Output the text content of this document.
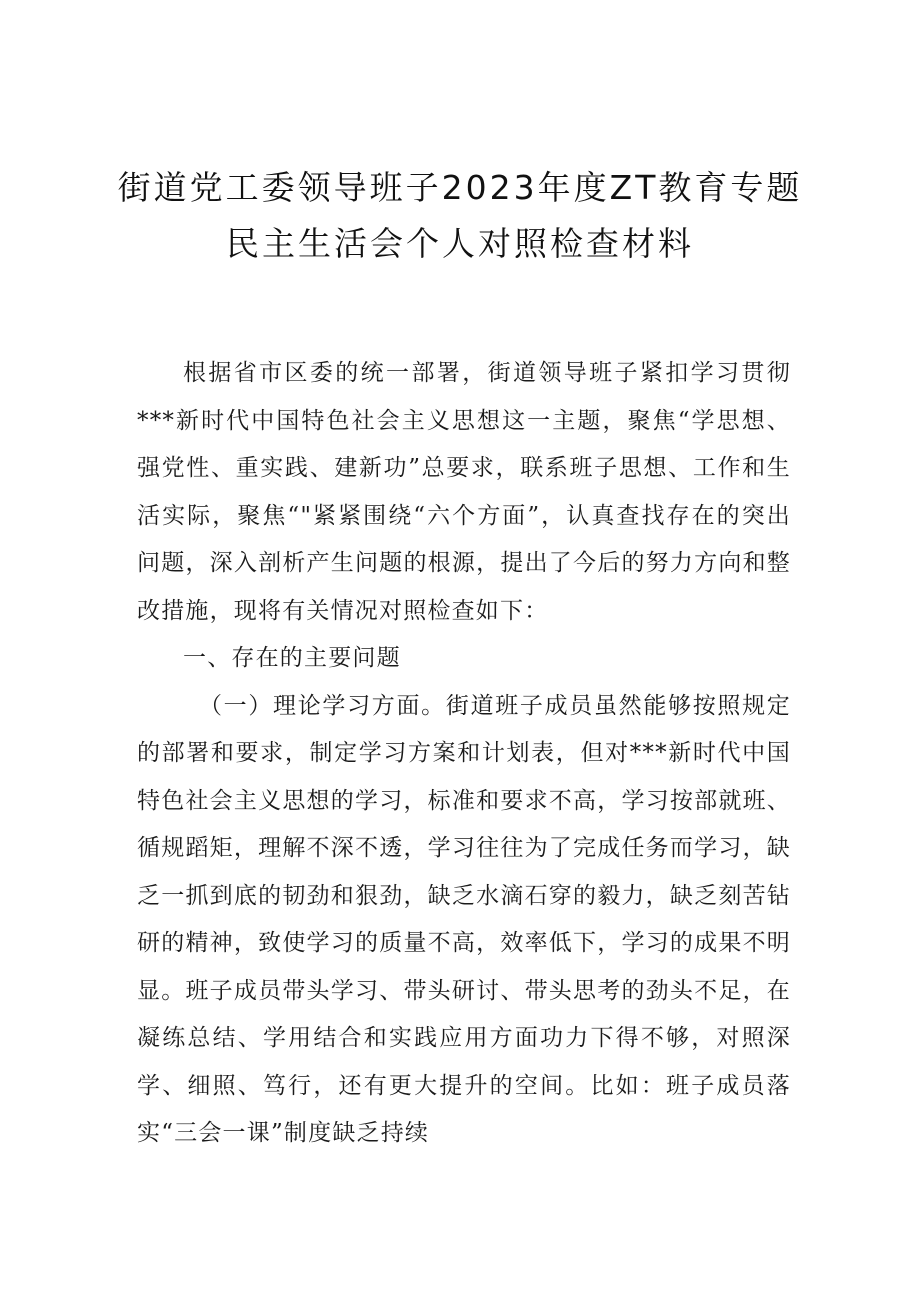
街道党工委领导班子2023年度ZT教育专题
民主生活会个人对照检查材料

根据省市区委的统一部署，街道领导班子紧扣学习贯彻***新时代中国特色社会主义思想这一主题，聚焦“学思想、强党性、重实践、建新功”总要求，联系班子思想、工作和生活实际，聚焦“"紧紧围绕“六个方面”，认真查找存在的突出问题，深入剖析产生问题的根源，提出了今后的努力方向和整改措施，现将有关情况对照检查如下：

一、存在的主要问题

（一）理论学习方面。街道班子成员虽然能够按照规定的部署和要求，制定学习方案和计划表，但对***新时代中国特色社会主义思想的学习，标准和要求不高，学习按部就班、循规蹈矩，理解不深不透，学习往往为了完成任务而学习，缺乏一抓到底的韧劲和狠劲，缺乏水滴石穿的毅力，缺乏刻苦钻研的精神，致使学习的质量不高，效率低下，学习的成果不明显。班子成员带头学习、带头研讨、带头思考的劲头不足，在凝练总结、学用结合和实践应用方面功力下得不够，对照深学、细照、笃行，还有更大提升的空间。比如：班子成员落实“三会一课”制度缺乏持续
